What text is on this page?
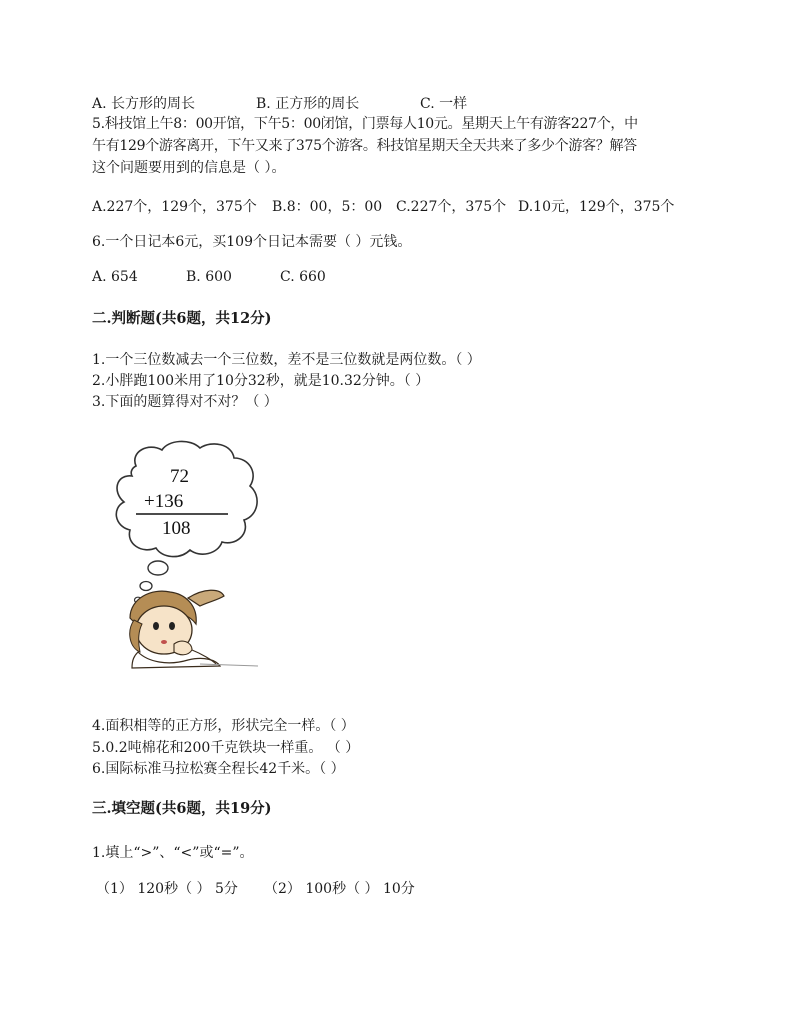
A. 长方形的周长	B. 正方形的周长	C. 一样
5.科技馆上午8：00开馆，下午5：00闭馆，门票每人10元。星期天上午有游客227个，中
午有129个游客离开，下午又来了375个游客。科技馆星期天全天共来了多少个游客？解答
这个问题要用到的信息是（ ）。
A.227个，129个，375个 B.8：00，5：00 C.227个，375个 D.10元，129个，375个
6.一个日记本6元，买109个日记本需要（ ）元钱。
A. 654	B. 600	C. 660
二.判断题(共6题，共12分)
1.一个三位数减去一个三位数，差不是三位数就是两位数。（ ）
2.小胖跑100米用了10分32秒，就是10.32分钟。（ ）
3.下面的题算得对不对？（ ）
72
+136
108
4.面积相等的正方形，形状完全一样。（ ）
5.0.2吨棉花和200千克铁块一样重。 （ ）
6.国际标准马拉松赛全程长42千米。（ ）
三.填空题(共6题，共19分)
1.填上“>”、“<”或“=”。
（1） 120秒（ ） 5分 （2） 100秒（ ） 10分
